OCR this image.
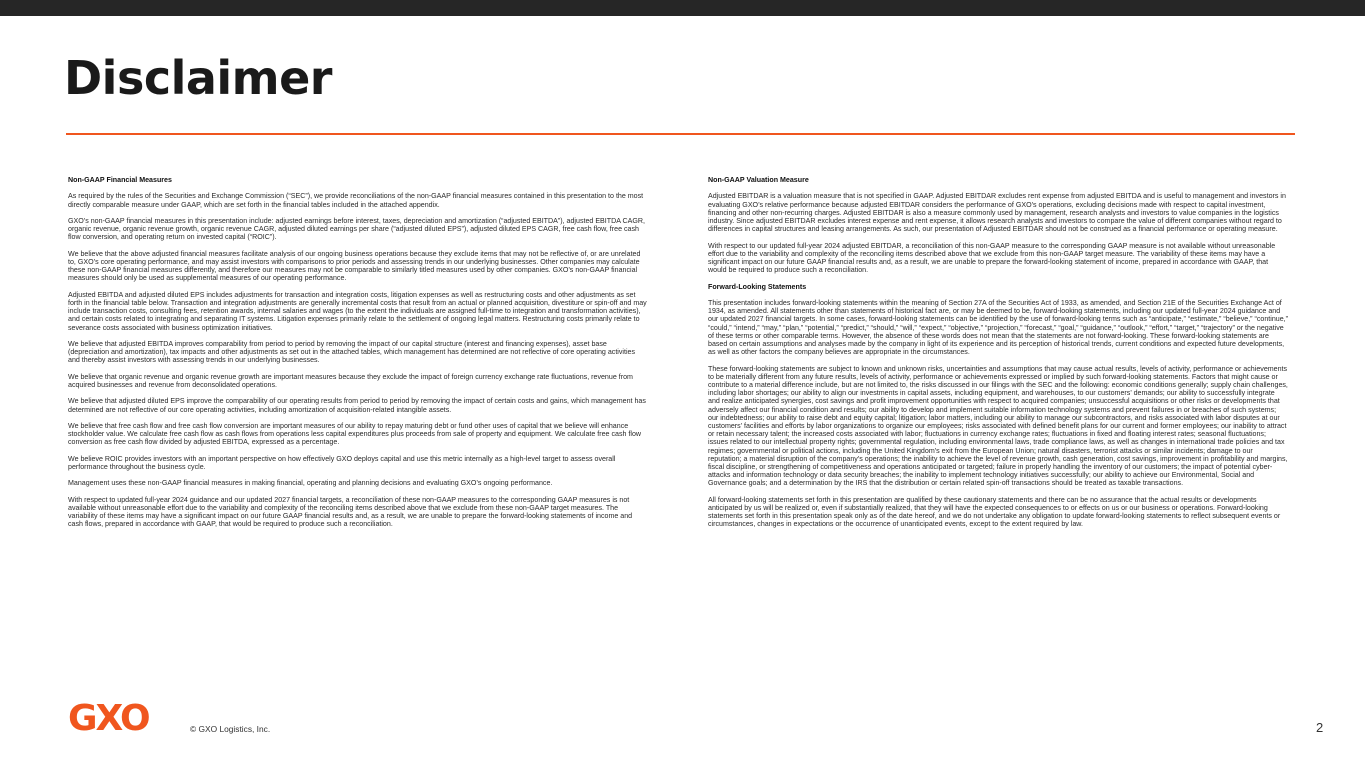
Disclaimer
Non-GAAP Financial Measures

As required by the rules of the Securities and Exchange Commission (“SEC”), we provide reconciliations of the non-GAAP financial measures contained in this presentation to the most directly comparable measure under GAAP, which are set forth in the financial tables included in the attached appendix.

GXO’s non-GAAP financial measures in this presentation include: adjusted earnings before interest, taxes, depreciation and amortization (“adjusted EBITDA”), adjusted EBITDA CAGR, organic revenue, organic revenue growth, organic revenue CAGR, adjusted diluted earnings per share (“adjusted diluted EPS”), adjusted diluted EPS CAGR, free cash flow, free cash flow conversion, and operating return on invested capital (“ROIC”).

We believe that the above adjusted financial measures facilitate analysis of our ongoing business operations because they exclude items that may not be reflective of, or are unrelated to, GXO’s core operating performance, and may assist investors with comparisons to prior periods and assessing trends in our underlying businesses. Other companies may calculate these non-GAAP financial measures differently, and therefore our measures may not be comparable to similarly titled measures used by other companies. GXO’s non-GAAP financial measures should only be used as supplemental measures of our operating performance.

Adjusted EBITDA and adjusted diluted EPS includes adjustments for transaction and integration costs, litigation expenses as well as restructuring costs and other adjustments as set forth in the financial table below. Transaction and integration adjustments are generally incremental costs that result from an actual or planned acquisition, divestiture or spin-off and may include transaction costs, consulting fees, retention awards, internal salaries and wages (to the extent the individuals are assigned full-time to integration and transformation activities), and certain costs related to integrating and separating IT systems. Litigation expenses primarily relate to the settlement of ongoing legal matters. Restructuring costs primarily relate to severance costs associated with business optimization initiatives.

We believe that adjusted EBITDA improves comparability from period to period by removing the impact of our capital structure (interest and financing expenses), asset base (depreciation and amortization), tax impacts and other adjustments as set out in the attached tables, which management has determined are not reflective of core operating activities and thereby assist investors with assessing trends in our underlying businesses.

We believe that organic revenue and organic revenue growth are important measures because they exclude the impact of foreign currency exchange rate fluctuations, revenue from acquired businesses and revenue from deconsolidated operations.

We believe that adjusted diluted EPS improve the comparability of our operating results from period to period by removing the impact of certain costs and gains, which management has determined are not reflective of our core operating activities, including amortization of acquisition-related intangible assets.

We believe that free cash flow and free cash flow conversion are important measures of our ability to repay maturing debt or fund other uses of capital that we believe will enhance stockholder value. We calculate free cash flow as cash flows from operations less capital expenditures plus proceeds from sale of property and equipment. We calculate free cash flow conversion as free cash flow divided by adjusted EBITDA, expressed as a percentage.

We believe ROIC provides investors with an important perspective on how effectively GXO deploys capital and use this metric internally as a high-level target to assess overall performance throughout the business cycle.

Management uses these non-GAAP financial measures in making financial, operating and planning decisions and evaluating GXO’s ongoing performance.

With respect to updated full-year 2024 guidance and our updated 2027 financial targets, a reconciliation of these non-GAAP measures to the corresponding GAAP measures is not available without unreasonable effort due to the variability and complexity of the reconciling items described above that we exclude from these non-GAAP target measures. The variability of these items may have a significant impact on our future GAAP financial results and, as a result, we are unable to prepare the forward-looking statements of income and cash flows, prepared in accordance with GAAP, that would be required to produce such a reconciliation.

Non-GAAP Valuation Measure

Adjusted EBITDAR is a valuation measure that is not specified in GAAP. Adjusted EBITDAR excludes rent expense from adjusted EBITDA and is useful to management and investors in evaluating GXO’s relative performance because adjusted EBITDAR considers the performance of GXO’s operations, excluding decisions made with respect to capital investment, financing and other non-recurring charges. Adjusted EBITDAR is also a measure commonly used by management, research analysts and investors to value companies in the logistics industry. Since adjusted EBITDAR excludes interest expense and rent expense, it allows research analysts and investors to compare the value of different companies without regard to differences in capital structures and leasing arrangements. As such, our presentation of Adjusted EBITDAR should not be construed as a financial performance or operating measure.

With respect to our updated full-year 2024 adjusted EBITDAR, a reconciliation of this non-GAAP measure to the corresponding GAAP measure is not available without unreasonable effort due to the variability and complexity of the reconciling items described above that we exclude from this non-GAAP target measure. The variability of these items may have a significant impact on our future GAAP financial results and, as a result, we are unable to prepare the forward-looking statement of income, prepared in accordance with GAAP, that would be required to produce such a reconciliation.

Forward-Looking Statements

This presentation includes forward-looking statements within the meaning of Section 27A of the Securities Act of 1933, as amended, and Section 21E of the Securities Exchange Act of 1934, as amended. All statements other than statements of historical fact are, or may be deemed to be, forward-looking statements, including our updated full-year 2024 guidance and our updated 2027 financial targets. In some cases, forward-looking statements can be identified by the use of forward-looking terms such as “anticipate,” “estimate,” “believe,” “continue,” “could,” “intend,” “may,” “plan,” “potential,” “predict,” “should,” “will,” “expect,” “objective,” “projection,” “forecast,” “goal,” “guidance,” “outlook,” “effort,” “target,” “trajectory” or the negative of these terms or other comparable terms. However, the absence of these words does not mean that the statements are not forward-looking. These forward-looking statements are based on certain assumptions and analyses made by the company in light of its experience and its perception of historical trends, current conditions and expected future developments, as well as other factors the company believes are appropriate in the circumstances.

These forward-looking statements are subject to known and unknown risks, uncertainties and assumptions that may cause actual results, levels of activity, performance or achievements to be materially different from any future results, levels of activity, performance or achievements expressed or implied by such forward-looking statements. Factors that might cause or contribute to a material difference include, but are not limited to, the risks discussed in our filings with the SEC and the following: economic conditions generally; supply chain challenges, including labor shortages; our ability to align our investments in capital assets, including equipment, and warehouses, to our customers’ demands; our ability to successfully integrate and realize anticipated synergies, cost savings and profit improvement opportunities with respect to acquired companies; unsuccessful acquisitions or other risks or developments that adversely affect our financial condition and results; our ability to develop and implement suitable information technology systems and prevent failures in or breaches of such systems; our indebtedness; our ability to raise debt and equity capital; litigation; labor matters, including our ability to manage our subcontractors, and risks associated with labor disputes at our customers’ facilities and efforts by labor organizations to organize our employees; risks associated with defined benefit plans for our current and former employees; our inability to attract or retain necessary talent; the increased costs associated with labor; fluctuations in currency exchange rates; fluctuations in fixed and floating interest rates; seasonal fluctuations; issues related to our intellectual property rights; governmental regulation, including environmental laws, trade compliance laws, as well as changes in international trade policies and tax regimes; governmental or political actions, including the United Kingdom’s exit from the European Union; natural disasters, terrorist attacks or similar incidents; damage to our reputation; a material disruption of the company’s operations; the inability to achieve the level of revenue growth, cash generation, cost savings, improvement in profitability and margins, fiscal discipline, or strengthening of competitiveness and operations anticipated or targeted; failure in properly handling the inventory of our customers; the impact of potential cyber-attacks and information technology or data security breaches; the inability to implement technology initiatives successfully; our ability to achieve our Environmental, Social and Governance goals; and a determination by the IRS that the distribution or certain related spin-off transactions should be treated as taxable transactions.

All forward-looking statements set forth in this presentation are qualified by these cautionary statements and there can be no assurance that the actual results or developments anticipated by us will be realized or, even if substantially realized, that they will have the expected consequences to or effects on us or our business or operations. Forward-looking statements set forth in this presentation speak only as of the date hereof, and we do not undertake any obligation to update forward-looking statements to reflect subsequent events or circumstances, changes in expectations or the occurrence of unanticipated events, except to the extent required by law.

GXO	© GXO Logistics, Inc.	2
